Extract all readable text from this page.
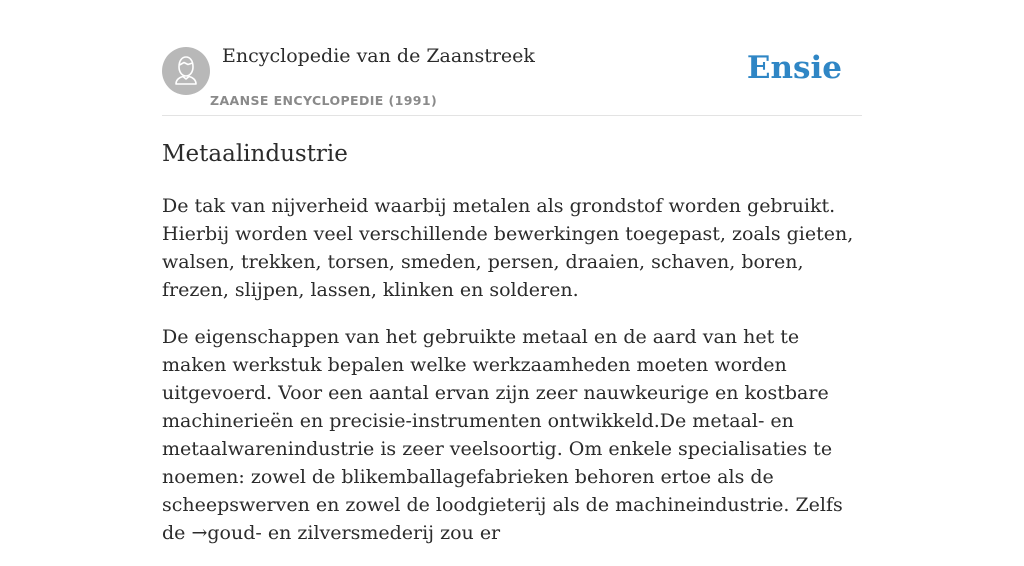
Encyclopedie van de Zaanstreek
ZAANSE ENCYCLOPEDIE (1991)
Ensie
Metaalindustrie

De tak van nijverheid waarbij metalen als grondstof worden gebruikt. Hierbij worden veel verschillende bewerkingen toegepast, zoals gieten, walsen, trekken, torsen, smeden, persen, draaien, schaven, boren, frezen, slijpen, lassen, klinken en solderen.

De eigenschappen van het gebruikte metaal en de aard van het te maken werkstuk bepalen welke werkzaamheden moeten worden uitgevoerd. Voor een aantal ervan zijn zeer nauwkeurige en kostbare machinerieën en precisie-instrumenten ontwikkeld.De metaal- en metaalwarenindustrie is zeer veelsoortig. Om enkele specialisaties te noemen: zowel de blikemballagefabrieken behoren ertoe als de scheepswerven en zowel de loodgieterij als de machineindustrie. Zelfs de →goud- en zilversmederij zou er
